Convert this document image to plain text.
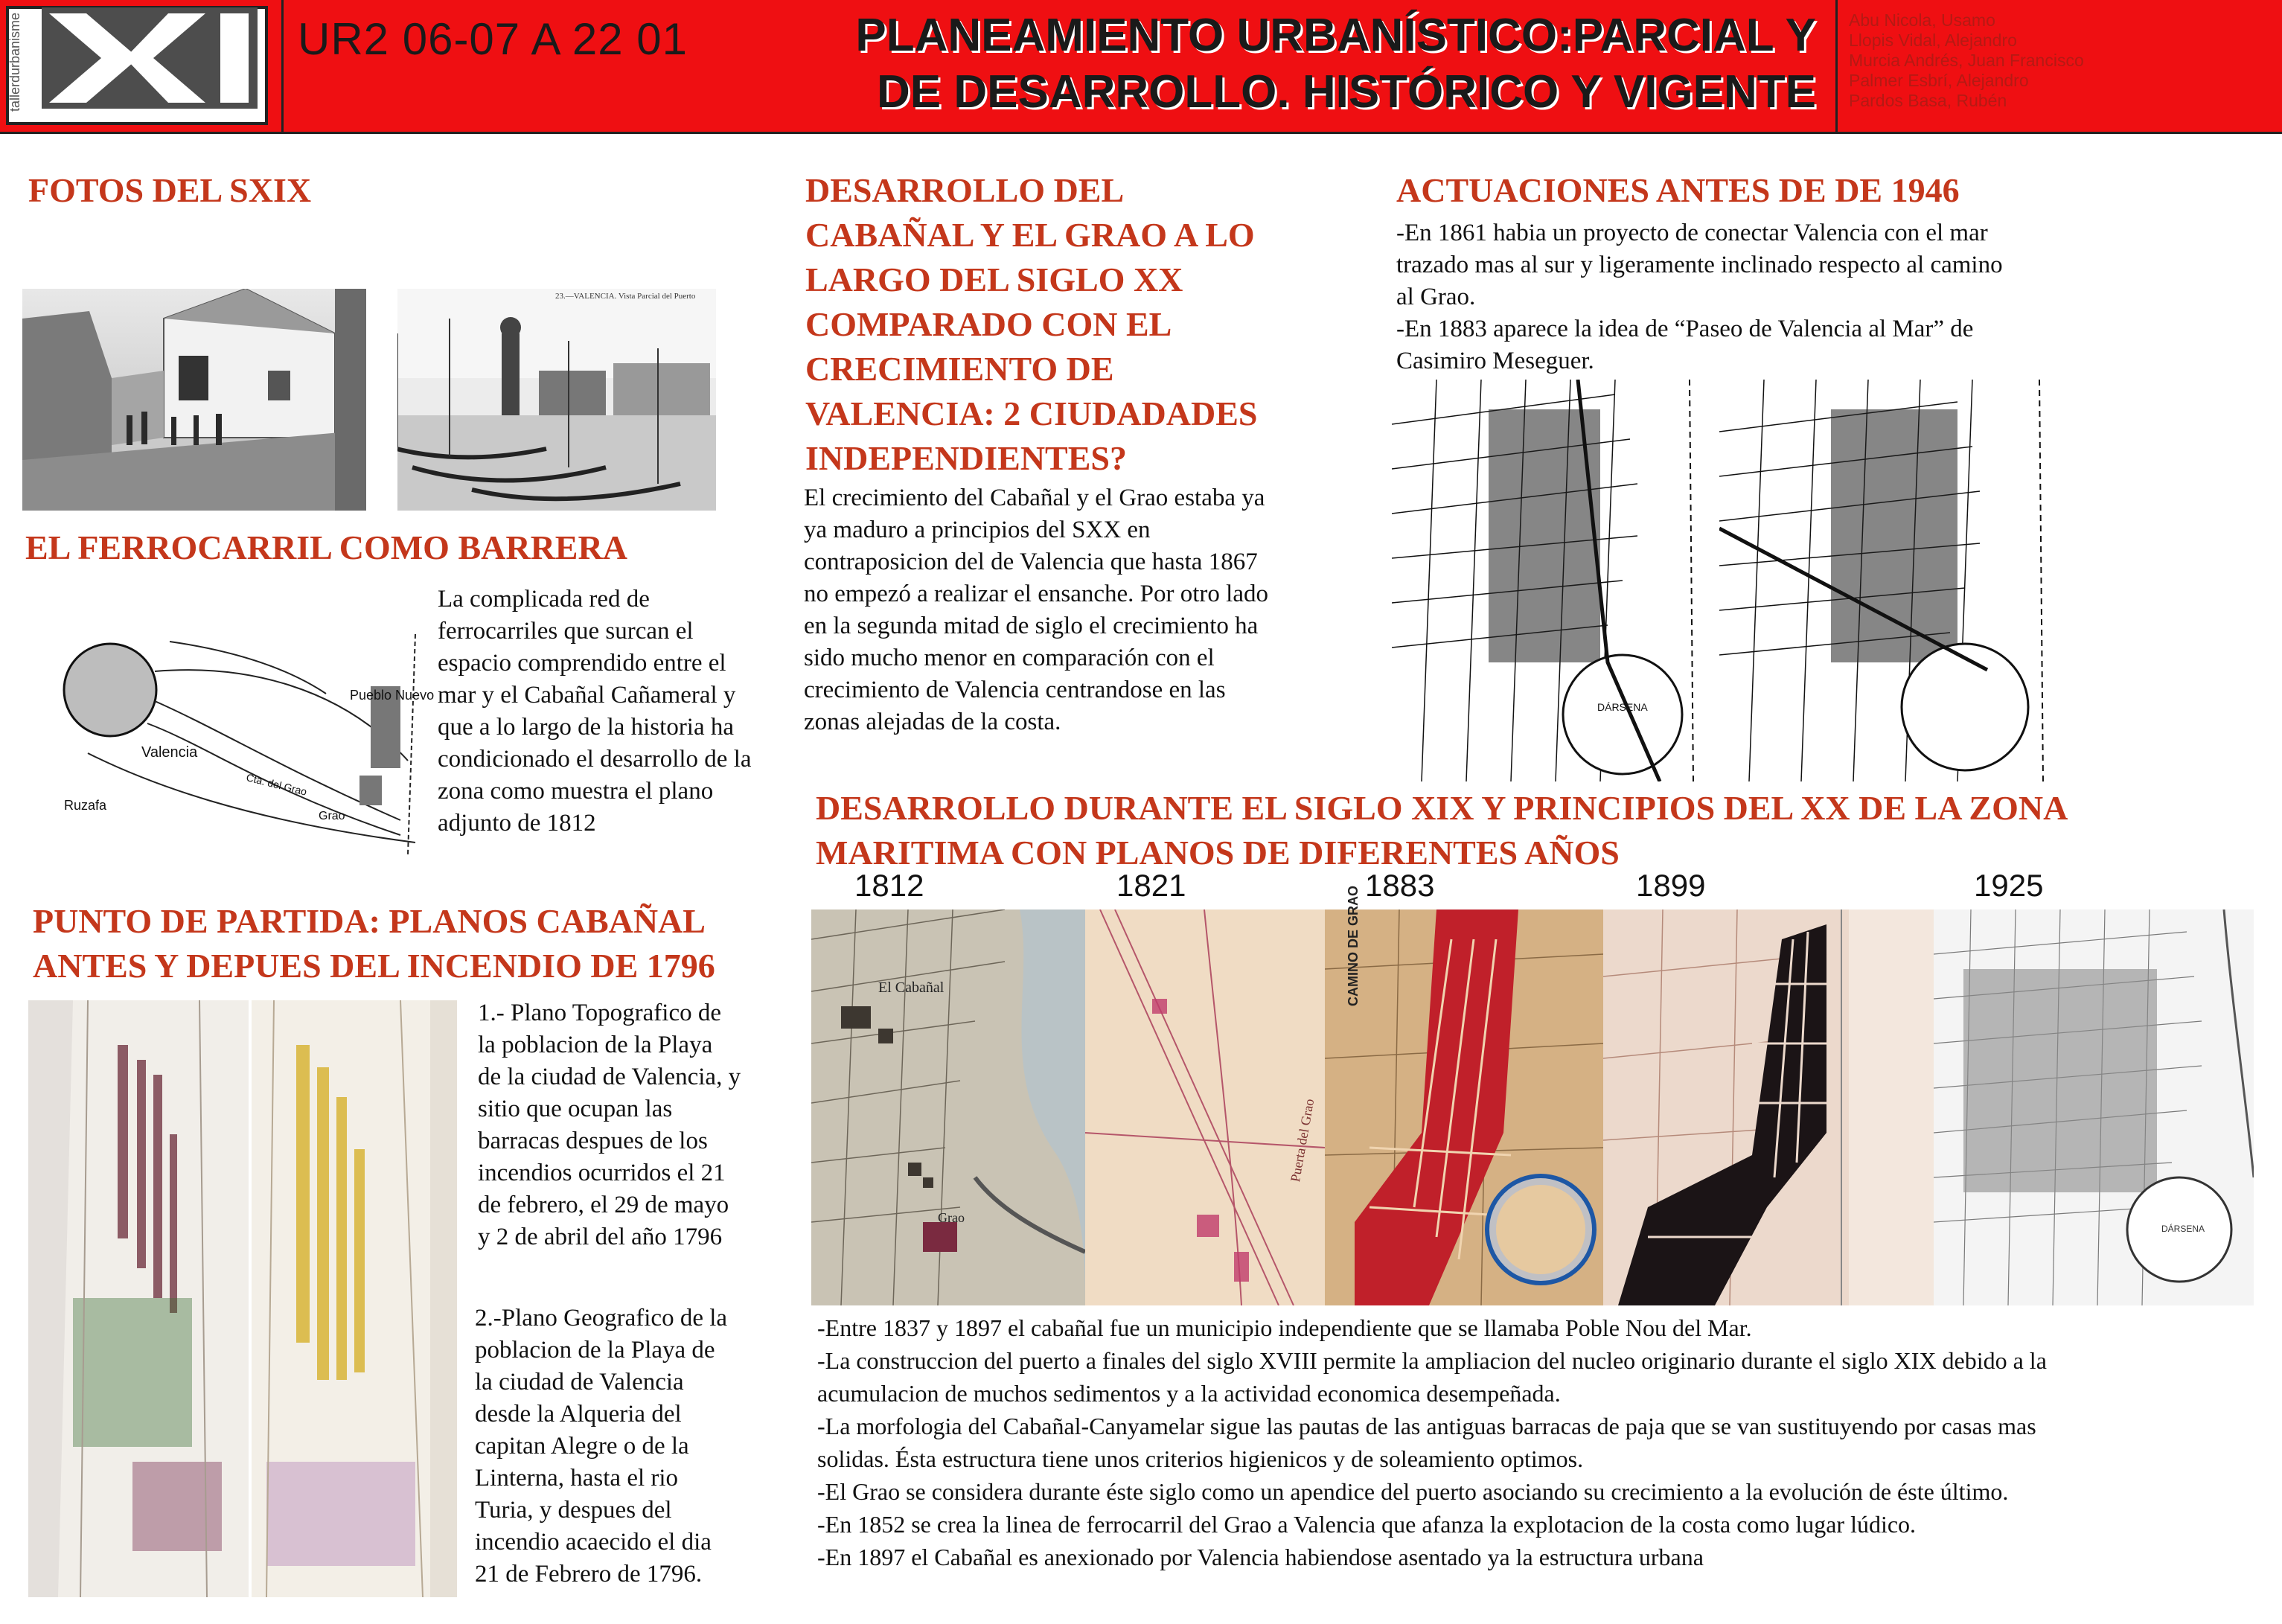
tallerdurbanisme	UR2 06-07 A 22 01	PLANEAMIENTO URBANÍSTICO:PARCIAL Y
DE DESARROLLO. HISTÓRICO Y VIGENTE
Abu Nicola, Usamo
Llopis Vidal, Alejandro
Murcia Andrés, Juan Francisco
Palmer Esbrí, Alejandro
Pardos Basa, Rubén
FOTOS DEL SXIX
23.—VALENCIA. Vista Parcial del Puerto
EL FERROCARRIL COMO BARRERA
Pueblo Nuevo
Valencia
Ruzafa
Grao
Cta. del Grao
La complicada red de
ferrocarriles que surcan el
espacio comprendido entre el
mar y el Cabañal Cañameral y
que a lo largo de la historia ha
condicionado el desarrollo de la
zona como muestra el plano
adjunto de 1812
PUNTO DE PARTIDA: PLANOS CABAÑAL
ANTES Y DEPUES DEL INCENDIO DE 1796
1.- Plano Topografico de
la poblacion de la Playa
de la ciudad de Valencia, y
sitio que ocupan las
barracas despues de los
incendios ocurridos el 21
de febrero, el 29 de mayo
y 2 de abril del año 1796
2.-Plano Geografico de la
poblacion de la Playa de
la ciudad de Valencia
desde la Alqueria del
capitan Alegre o de la
Linterna, hasta el rio
Turia, y despues del
incendio acaecido el dia
21 de Febrero de 1796.
DESARROLLO DEL
CABAÑAL Y EL GRAO A LO
LARGO DEL SIGLO XX
COMPARADO CON EL
CRECIMIENTO DE
VALENCIA: 2 CIUDADADES
INDEPENDIENTES?
El crecimiento del Cabañal y el Grao estaba ya
ya maduro a principios del SXX en
contraposicion del de Valencia que hasta 1867
no empezó a realizar el ensanche. Por otro lado
en la segunda mitad de siglo el crecimiento ha
sido mucho menor en comparación con el
crecimiento de Valencia centrandose en las
zonas alejadas de la costa.
ACTUACIONES ANTES DE DE 1946
-En 1861 habia un proyecto de conectar Valencia con el mar
trazado mas al sur y ligeramente inclinado respecto al camino
al Grao.
-En 1883 aparece la idea de “Paseo de Valencia al Mar” de
Casimiro Meseguer.
DÁRSENA
DESARROLLO DURANTE EL SIGLO XIX Y PRINCIPIOS DEL XX DE LA ZONA
MARITIMA CON PLANOS DE DIFERENTES AÑOS
1812	1821	1883	1899	1925
El Cabañal
Grao
Puerta del Grao
CAMINO DE GRAO
DÁRSENA
-Entre 1837 y 1897 el cabañal fue un municipio independiente que se llamaba Poble Nou del Mar.
-La construccion del puerto a finales del siglo XVIII permite la ampliacion del nucleo originario durante el siglo XIX debido a la
acumulacion de muchos sedimentos y a la actividad economica desempeñada.
-La morfologia del Cabañal-Canyamelar sigue las pautas de las antiguas barracas de paja que se van sustituyendo por casas mas
solidas. Ésta estructura tiene unos criterios higienicos y de soleamiento optimos.
-El Grao se considera durante éste siglo como un apendice del puerto asociando su crecimiento a la evolución de éste último.
-En 1852 se crea la linea de ferrocarril del Grao a Valencia que afanza la explotacion de la costa como lugar lúdico.
-En 1897 el Cabañal es anexionado por Valencia habiendose asentado ya la estructura urbana
